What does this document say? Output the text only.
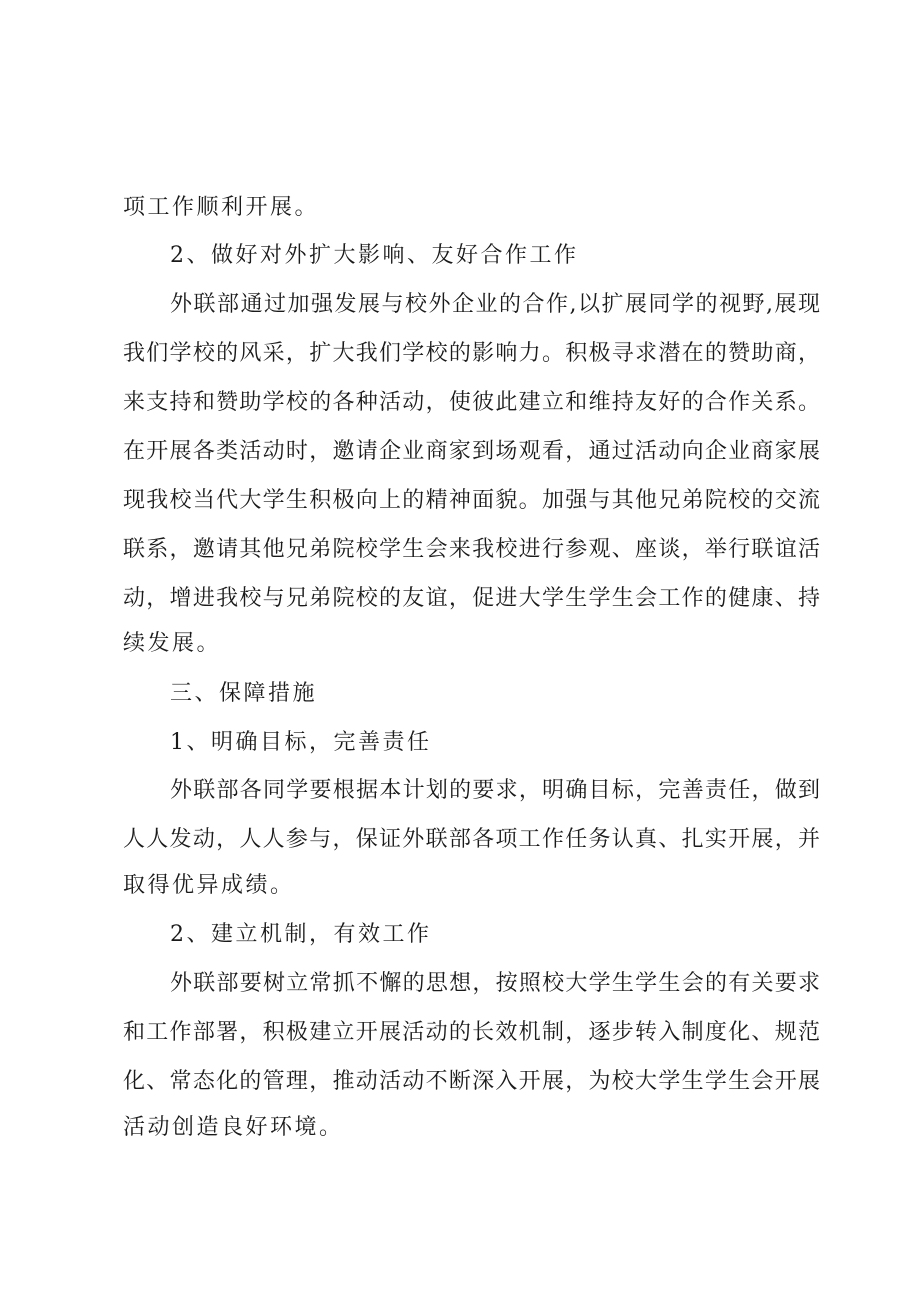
项工作顺利开展。
2、做好对外扩大影响、友好合作工作
外联部通过加强发展与校外企业的合作,以扩展同学的视野,展现
我们学校的风采，扩大我们学校的影响力。积极寻求潜在的赞助商，
来支持和赞助学校的各种活动，使彼此建立和维持友好的合作关系。
在开展各类活动时，邀请企业商家到场观看，通过活动向企业商家展
现我校当代大学生积极向上的精神面貌。加强与其他兄弟院校的交流
联系，邀请其他兄弟院校学生会来我校进行参观、座谈，举行联谊活
动，增进我校与兄弟院校的友谊，促进大学生学生会工作的健康、持
续发展。
三、保障措施
1、明确目标，完善责任
外联部各同学要根据本计划的要求，明确目标，完善责任，做到
人人发动，人人参与，保证外联部各项工作任务认真、扎实开展，并
取得优异成绩。
2、建立机制，有效工作
外联部要树立常抓不懈的思想，按照校大学生学生会的有关要求
和工作部署，积极建立开展活动的长效机制，逐步转入制度化、规范
化、常态化的管理，推动活动不断深入开展，为校大学生学生会开展
活动创造良好环境。
